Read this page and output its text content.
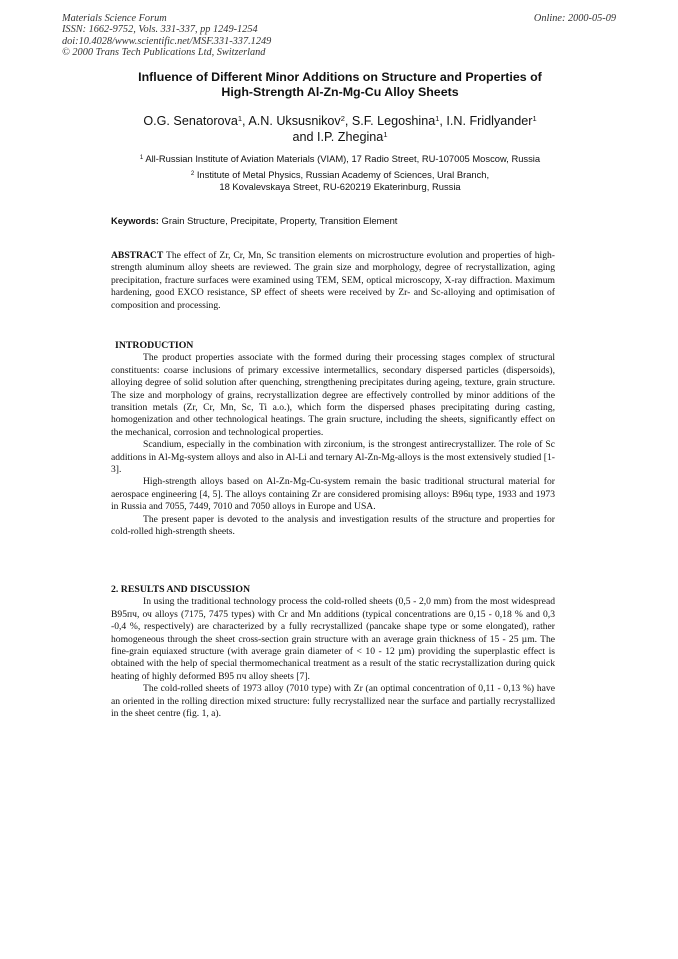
Materials Science Forum
ISSN: 1662-9752, Vols. 331-337, pp 1249-1254
doi:10.4028/www.scientific.net/MSF.331-337.1249
© 2000 Trans Tech Publications Ltd, Switzerland
Online: 2000-05-09
Influence of Different Minor Additions on Structure and Properties of
High-Strength Al-Zn-Mg-Cu Alloy Sheets
O.G. Senatorova$^1$, A.N. Uksusnikov$^2$, S.F. Legoshina$^1$, I.N. Fridlyander$^1$
and I.P. Zhegina$^1$
$^1$ All-Russian Institute of Aviation Materials (VIAM), 17 Radio Street, RU-107005 Moscow, Russia
$^2$ Institute of Metal Physics, Russian Academy of Sciences, Ural Branch,
18 Kovalevskaya Street, RU-620219 Ekaterinburg, Russia
Keywords: Grain Structure, Precipitate, Property, Transition Element
ABSTRACT The effect of Zr, Cr, Mn, Sc transition elements on microstructure evolution and properties of high-strength aluminum alloy sheets are reviewed. The grain size and morphology, degree of recrystallization, aging precipitation, fracture surfaces were examined using TEM, SEM, optical microscopy, X-ray diffraction. Maximum hardening, good EXCO resistance, SP effect of sheets were received by Zr- and Sc-alloying and optimisation of composition and processing.
INTRODUCTION

The product properties associate with the formed during their processing stages complex of structural constituents: coarse inclusions of primary excessive intermetallics, secondary dispersed particles (dispersoids), alloying degree of solid solution after quenching, strengthening precipitates during ageing, texture, grain structure. The size and morphology of grains, recrystallization degree are effectively controlled by minor additions of the transition metals (Zr, Cr, Mn, Sc, Ti a.o.), which form the dispersed phases precipitating during casting, homogenization and other technological heatings. The grain sructure, including the sheets, significantly effect on the mechanical, corrosion and technological properties.

Scandium, especially in the combination with zirconium, is the strongest antirecrystallizer. The role of Sc additions in Al-Mg-system alloys and also in Al-Li and ternary Al-Zn-Mg-alloys is the most extensively studied [1-3].

High-strength alloys based on Al-Zn-Mg-Cu-system remain the basic traditional structural material for aerospace engineering [4, 5]. The alloys containing Zr are considered promising alloys: B96ц type, 1933 and 1973 in Russia and 7055, 7449, 7010 and 7050 alloys in Europe and USA.

The present paper is devoted to the analysis and investigation results of the structure and properties for cold-rolled high-strength sheets.

2. RESULTS AND DISCUSSION

In using the traditional technology process the cold-rolled sheets (0,5 - 2,0 mm) from the most widespread B95пч, оч alloys (7175, 7475 types) with Cr and Mn additions (typical concentrations are 0,15 - 0,18 % and 0,3 -0,4 %, respectively) are characterized by a fully recrystallized (pancake shape type or some elongated), rather homogeneous through the sheet cross-section grain structure with an average grain thickness of 15 - 25 µm. The fine-grain equiaxed structure (with average grain diameter of < 10 - 12 µm) providing the superplastic effect is obtained with the help of special thermomechanical treatment as a result of the static recrystallization during quick heating of highly deformed B95 пч alloy sheets [7].

The cold-rolled sheets of 1973 alloy (7010 type) with Zr (an optimal concentration of 0,11 - 0,13 %) have an oriented in the rolling direction mixed structure: fully recrystallized near the surface and partially recrystallized in the sheet centre (fig. 1, a).
